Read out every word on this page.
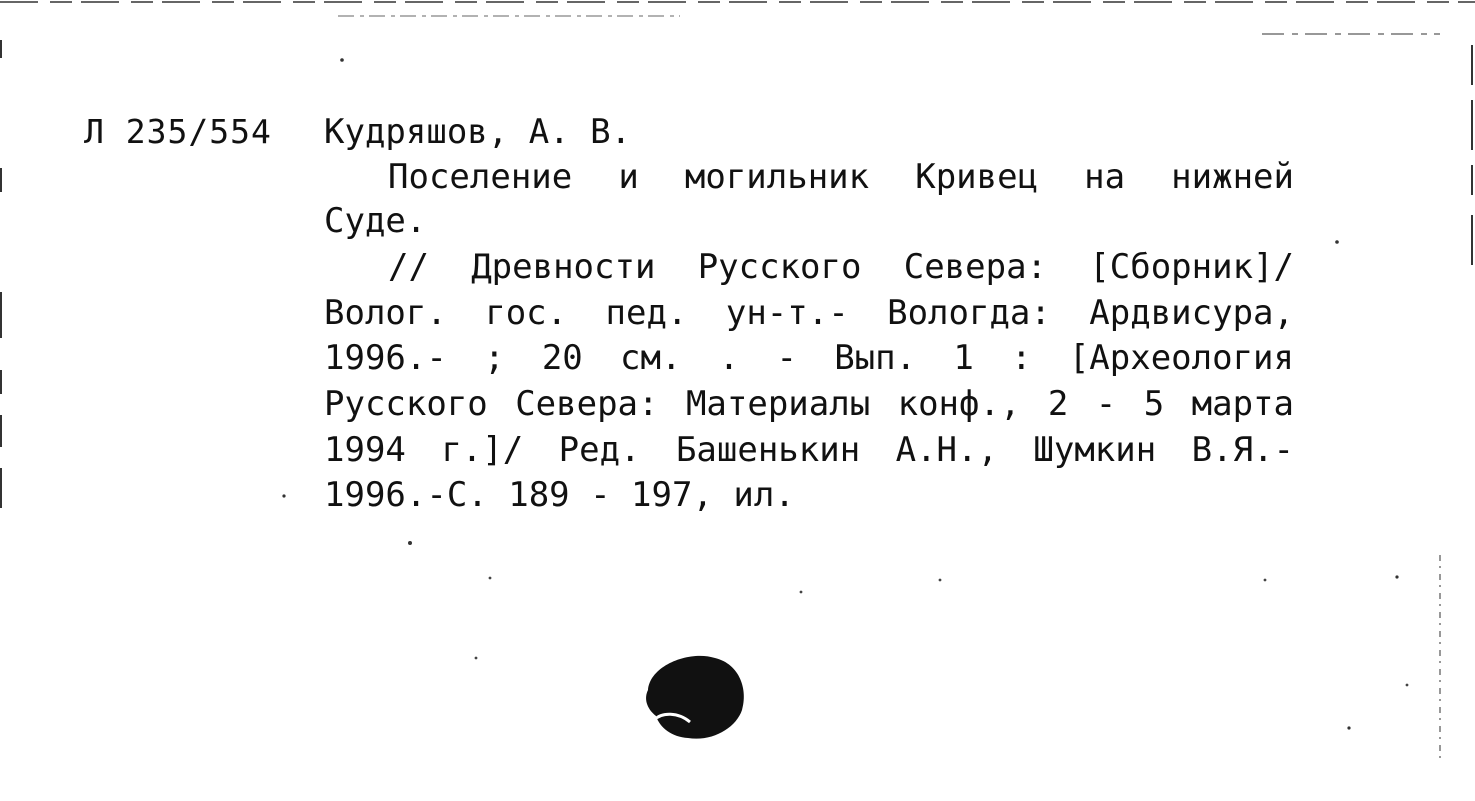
Л 235/554 Кудряшов, А. В.
Поселение и могильник Кривец на нижней
Суде.
// Древности Русского Севера: [Сборник]/
Волог. гос. пед. ун-т.- Вологда: Ардвисура,
1996.- ; 20 см. . - Вып. 1 : [Археология
Русского Севера: Материалы конф., 2 - 5 марта
1994 г.]/ Ред. Башенькин А.Н., Шумкин В.Я.-
1996.-С. 189 - 197, ил.
